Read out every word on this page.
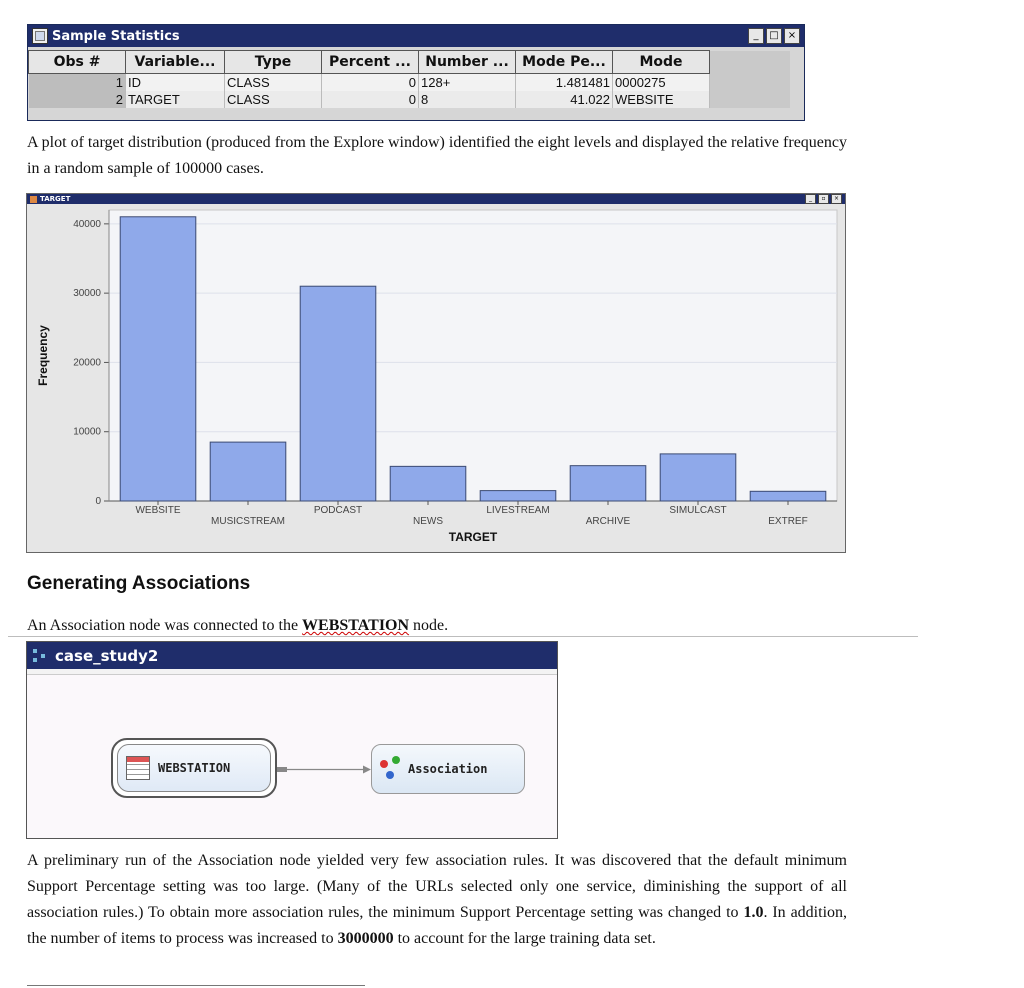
Sample Statistics	_	□ ×
Obs #	Variable...	Type	Percent ...	Number ...	Mode Pe...	Mode	
1	ID	CLASS	0	128+	1.481481	0000275	
2	TARGET	CLASS	0	8	41.022	WEBSITE	
A plot of target distribution (produced from the Explore window) identified the eight levels and displayed the relative frequency in a random sample of 100000 cases.
TARGET	_	▫	×
0
10000
20000
30000
40000
WEBSITE
MUSICSTREAM
PODCAST
NEWS
LIVESTREAM
ARCHIVE
SIMULCAST
EXTREF
TARGET
Frequency
Generating Associations
An Association node was connected to the WEBSTATION node.
case_study2
WEBSTATION	Association
A preliminary run of the Association node yielded very few association rules. It was discovered that the default minimum Support Percentage setting was too large. (Many of the URLs selected only one service, diminishing the support of all association rules.) To obtain more association rules, the minimum Support Percentage setting was changed to 1.0. In addition, the number of items to process was increased to 3000000 to account for the large training data set.
